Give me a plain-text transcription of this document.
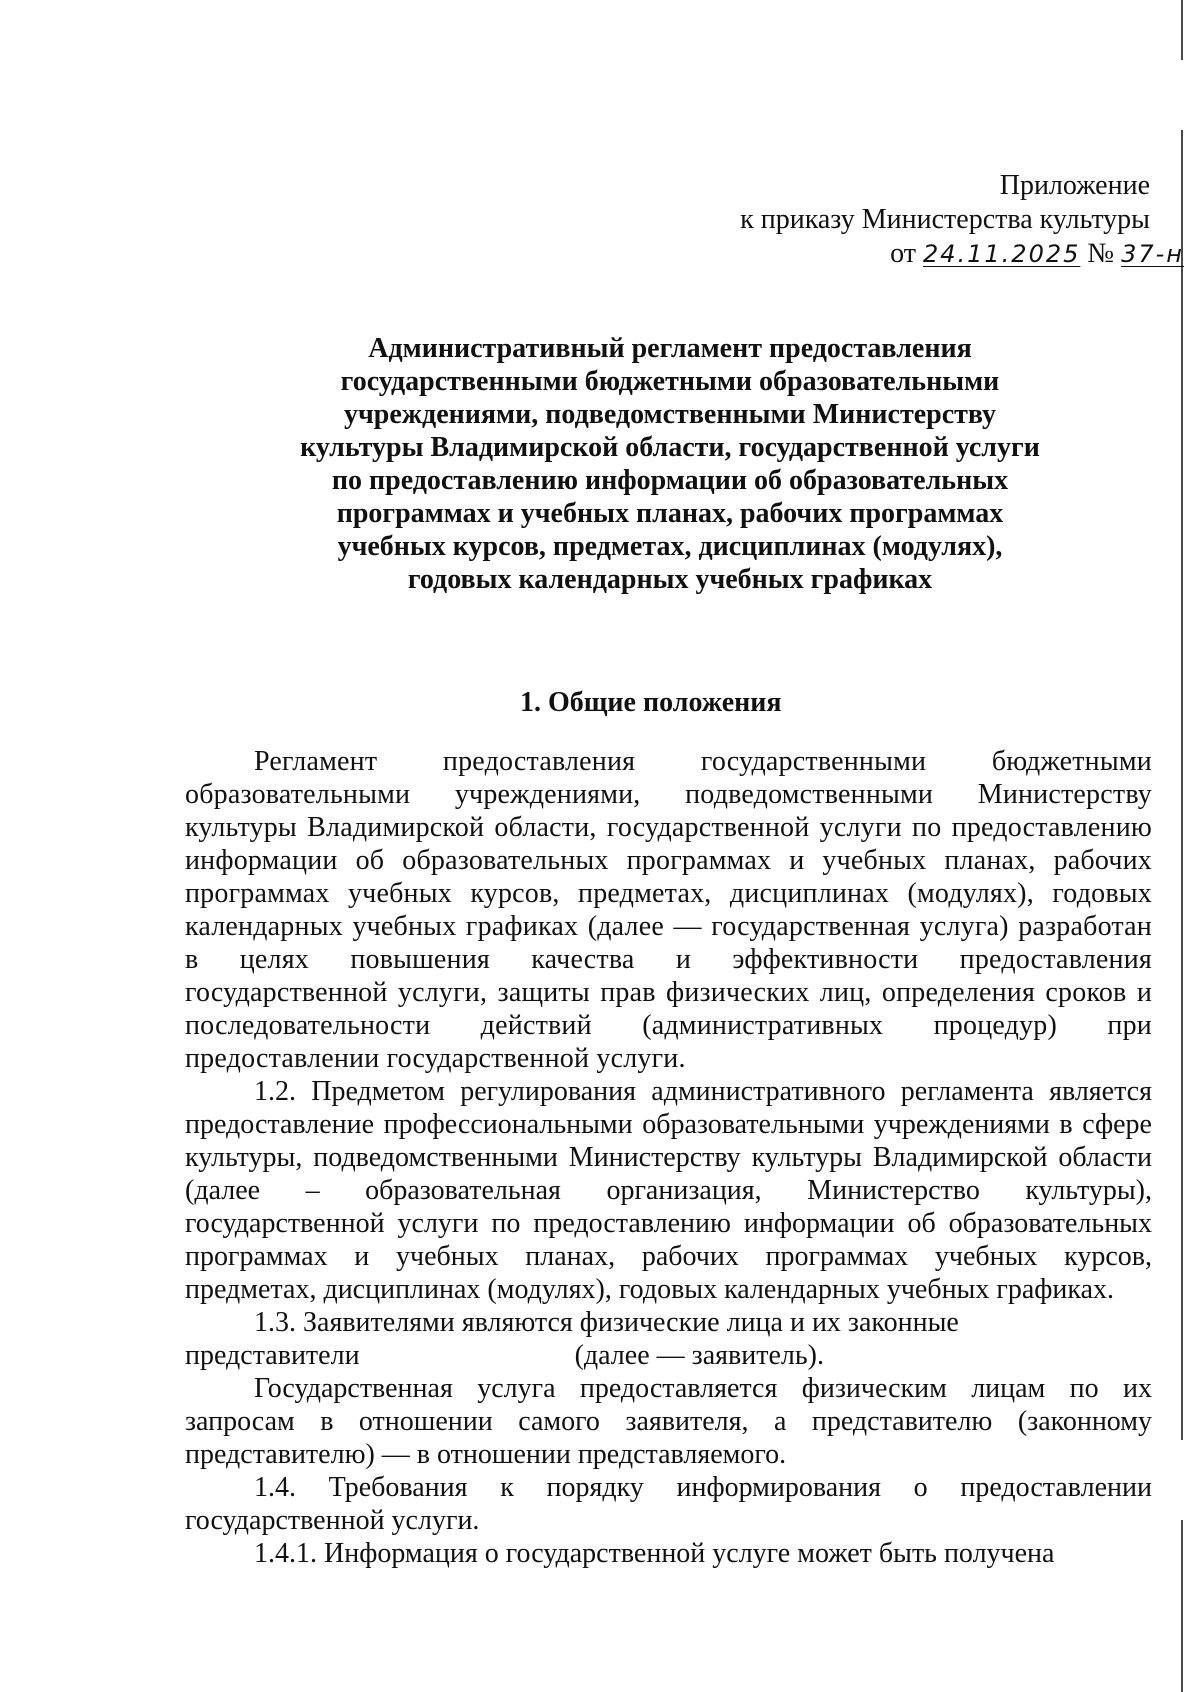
Приложение
к приказу Министерства культуры
от 24.11.2025 № 37-н
Административный регламент предоставления государственными бюджетными образовательными учреждениями, подведомственными Министерству культуры Владимирской области, государственной услуги по предоставлению информации об образовательных программах и учебных планах, рабочих программах учебных курсов, предметах, дисциплинах (модулях), годовых календарных учебных графиках
1. Общие положения

Регламент предоставления государственными бюджетными образовательными учреждениями, подведомственными Министерству культуры Владимирской области, государственной услуги по предоставлению информации об образовательных программах и учебных планах, рабочих программах учебных курсов, предметах, дисциплинах (модулях), годовых календарных учебных графиках (далее — государственная услуга) разработан в целях повышения качества и эффективности предоставления государственной услуги, защиты прав физических лиц, определения сроков и последовательности действий (административных процедур) при предоставлении государственной услуги.

1.2. Предметом регулирования административного регламента является предоставление профессиональными образовательными учреждениями в сфере культуры, подведомственными Министерству культуры Владимирской области (далее – образовательная организация, Министерство культуры), государственной услуги по предоставлению информации об образовательных программах и учебных планах, рабочих программах учебных курсов, предметах, дисциплинах (модулях), годовых календарных учебных графиках.

1.3. Заявителями являются физические лица и их законные

представители	(далее — заявитель).

Государственная услуга предоставляется физическим лицам по их запросам в отношении самого заявителя, а представителю (законному представителю) — в отношении представляемого.

1.4. Требования к порядку информирования о предоставлении государственной услуги.

1.4.1. Информация о государственной услуге может быть получена
